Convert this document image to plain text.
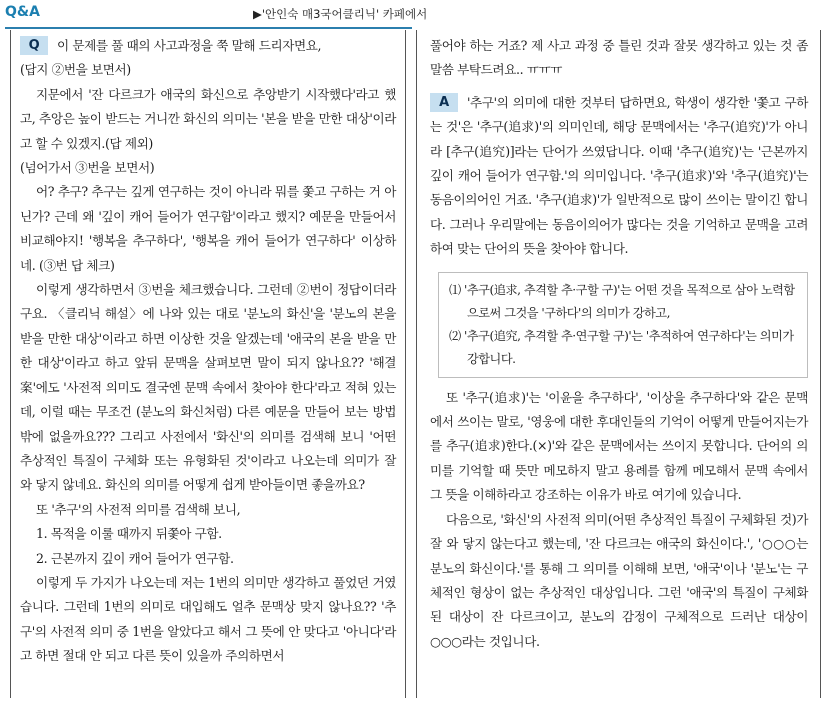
Q&A	▶'안인숙 매3국어클리닉' 카페에서

Q 이 문제를 풀 때의 사고과정을 쭉 말해 드리자면요,

(답지 ②번을 보면서)

지문에서 '잔 다르크가 애국의 화신으로 추앙받기 시작했다'라고 했고, 추앙은 높이 받드는 거니깐 화신의 의미는 '본을 받을 만한 대상'이라고 할 수 있겠지.(답 제외)

(넘어가서 ③번을 보면서)

어? 추구? 추구는 깊게 연구하는 것이 아니라 뭐를 쫓고 구하는 거 아닌가? 근데 왜 '깊이 캐어 들어가 연구함'이라고 했지? 예문을 만들어서 비교해야지! '행복을 추구하다', '행복을 캐어 들어가 연구하다' 이상하네. (③번 답 체크)

이렇게 생각하면서 ③번을 체크했습니다. 그런데 ②번이 정답이더라구요. 〈클리닉 해설〉에 나와 있는 대로 '분노의 화신'을 '분노의 본을 받을 만한 대상'이라고 하면 이상한 것을 알겠는데 '애국의 본을 받을 만한 대상'이라고 하고 앞뒤 문맥을 살펴보면 말이 되지 않나요?? '해결案'에도 '사전적 의미도 결국엔 문맥 속에서 찾아야 한다'라고 적혀 있는데, 이럴 때는 무조건 (분노의 화신처럼) 다른 예문을 만들어 보는 방법밖에 없을까요??? 그리고 사전에서 '화신'의 의미를 검색해 보니 '어떤 추상적인 특질이 구체화 또는 유형화된 것'이라고 나오는데 의미가 잘 와 닿지 않네요. 화신의 의미를 어떻게 쉽게 받아들이면 좋을까요?

또 '추구'의 사전적 의미를 검색해 보니,

1. 목적을 이룰 때까지 뒤쫓아 구함.

2. 근본까지 깊이 캐어 들어가 연구함.

이렇게 두 가지가 나오는데 저는 1번의 의미만 생각하고 풀었던 거였습니다. 그런데 1번의 의미로 대입해도 얼추 문맥상 맞지 않나요?? '추구'의 사전적 의미 중 1번을 알았다고 해서 그 뜻에 안 맞다고 '아니다'라고 하면 절대 안 되고 다른 뜻이 있을까 주의하면서

풀어야 하는 거죠? 제 사고 과정 중 틀린 것과 잘못 생각하고 있는 것 좀 말씀 부탁드려요.. ㅠㅠㅠ

A '추구'의 의미에 대한 것부터 답하면요, 학생이 생각한 '쫓고 구하는 것'은 '추구(追求)'의 의미인데, 해당 문맥에서는 '추구(追究)'가 아니라 [추구(追究)]라는 단어가 쓰였답니다. 이때 '추구(追究)'는 '근본까지 깊이 캐어 들어가 연구함.'의 의미입니다. '추구(追求)'와 '추구(追究)'는 동음이의어인 거죠. '추구(追求)'가 일반적으로 많이 쓰이는 말이긴 합니다. 그러나 우리말에는 동음이의어가 많다는 것을 기억하고 문맥을 고려하여 맞는 단어의 뜻을 찾아야 합니다.

⑴ '추구(追求, 추격할 추·구할 구)'는 어떤 것을 목적으로 삼아 노력함으로써 그것을 '구하다'의 의미가 강하고,
⑵ '추구(追究, 추격할 추·연구할 구)'는 '추적하여 연구하다'는 의미가 강합니다.

또 '추구(追求)'는 '이윤을 추구하다', '이상을 추구하다'와 같은 문맥에서 쓰이는 말로, '영웅에 대한 후대인들의 기억이 어떻게 만들어지는가를 추구(追求)한다.(×)'와 같은 문맥에서는 쓰이지 못합니다. 단어의 의미를 기억할 때 뜻만 메모하지 말고 용례를 함께 메모해서 문맥 속에서 그 뜻을 이해하라고 강조하는 이유가 바로 여기에 있습니다.

다음으로, '화신'의 사전적 의미(어떤 추상적인 특질이 구체화된 것)가 잘 와 닿지 않는다고 했는데, '잔 다르크는 애국의 화신이다.', '○○○는 분노의 화신이다.'를 통해 그 의미를 이해해 보면, '애국'이나 '분노'는 구체적인 형상이 없는 추상적인 대상입니다. 그런 '애국'의 특질이 구체화된 대상이 잔 다르크이고, 분노의 감정이 구체적으로 드러난 대상이 ○○○라는 것입니다.
